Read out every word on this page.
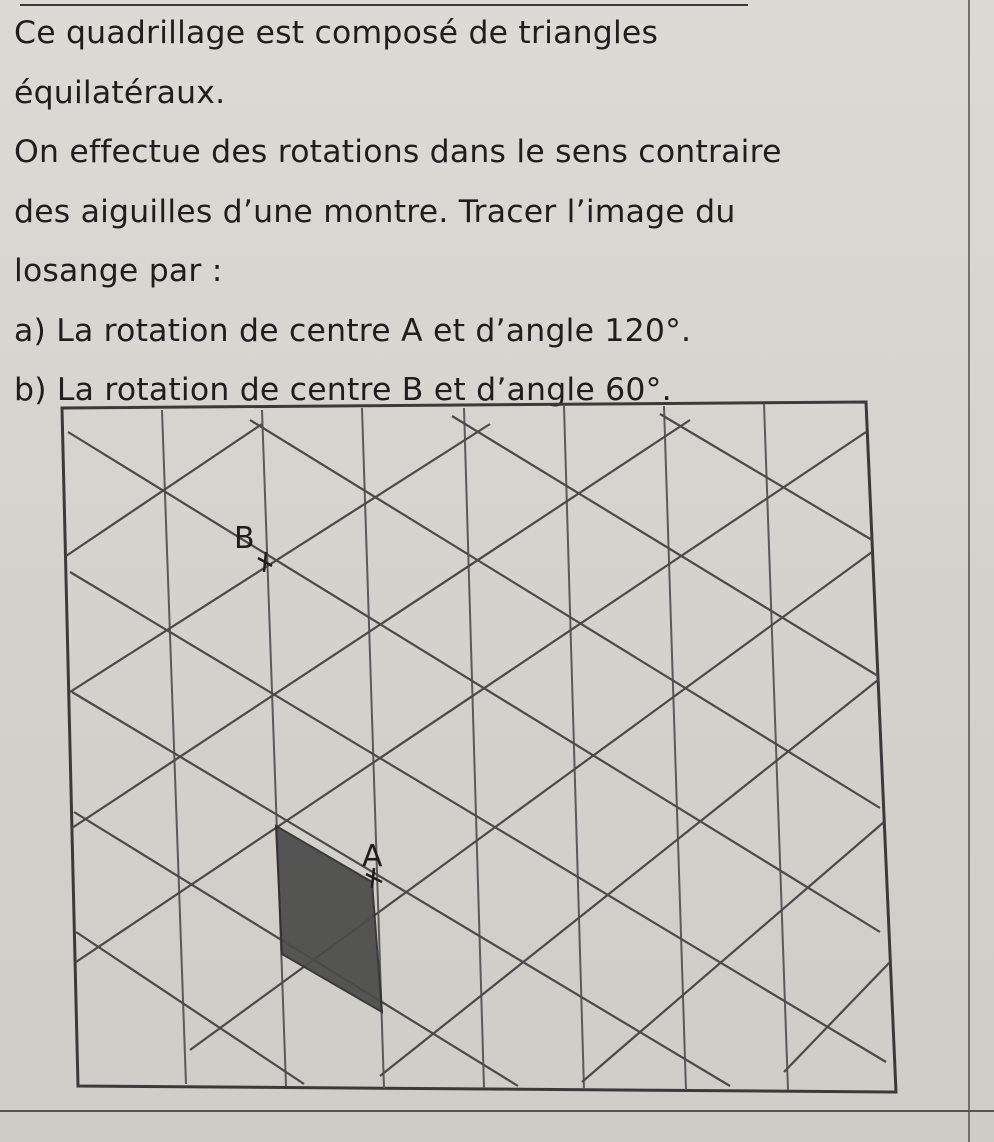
Ce quadrillage est composé de triangles
équilatéraux.
On effectue des rotations dans le sens contraire
des aiguilles d’une montre. Tracer l’image du
losange par :
a) La rotation de centre A et d’angle 120°.
b) La rotation de centre B et d’angle 60°.
B
A
